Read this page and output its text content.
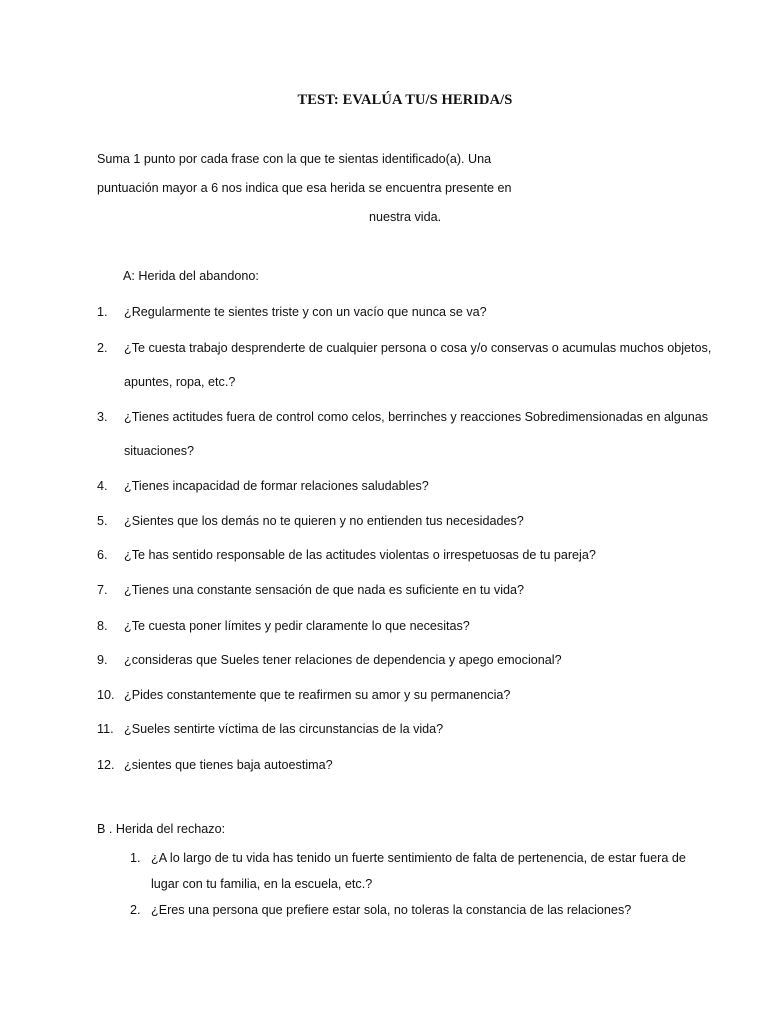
TEST: EVALÚA TU/S HERIDA/S
Suma 1 punto por cada frase con la que te sientas identificado(a). Una
puntuación mayor a 6 nos indica que esa herida se encuentra presente en
nuestra vida.
A: Herida del abandono:
1. ¿Regularmente te sientes triste y con un vacío que nunca se va?
2. ¿Te cuesta trabajo desprenderte de cualquier persona o cosa y/o conservas o acumulas muchos objetos,
apuntes, ropa, etc.?
3. ¿Tienes actitudes fuera de control como celos, berrinches y reacciones Sobredimensionadas en algunas
situaciones?
4. ¿Tienes incapacidad de formar relaciones saludables?
5. ¿Sientes que los demás no te quieren y no entienden tus necesidades?
6. ¿Te has sentido responsable de las actitudes violentas o irrespetuosas de tu pareja?
7. ¿Tienes una constante sensación de que nada es suficiente en tu vida?
8. ¿Te cuesta poner límites y pedir claramente lo que necesitas?
9. ¿consideras que Sueles tener relaciones de dependencia y apego emocional?
10. ¿Pides constantemente que te reafirmen su amor y su permanencia?
11. ¿Sueles sentirte víctima de las circunstancias de la vida?
12. ¿sientes que tienes baja autoestima?
B . Herida del rechazo:
1. ¿A lo largo de tu vida has tenido un fuerte sentimiento de falta de pertenencia, de estar fuera de
lugar con tu familia, en la escuela, etc.?
2. ¿Eres una persona que prefiere estar sola, no toleras la constancia de las relaciones?
